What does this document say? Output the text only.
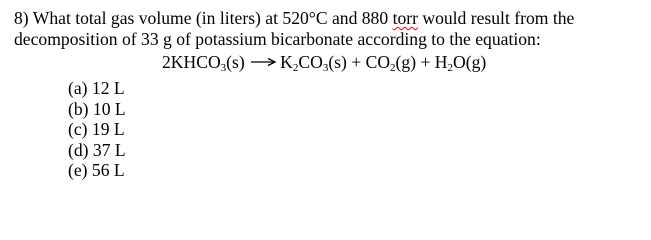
8) What total gas volume (in liters) at 520°C and 880 torr would result from the
decomposition of 33 g of potassium bicarbonate according to the equation:
$2KHCO_3(s) \to K_2CO_3(s) + CO_2(g) + H_2O(g)$
(a) 12 L
(b) 10 L
(c) 19 L
(d) 37 L
(e) 56 L
